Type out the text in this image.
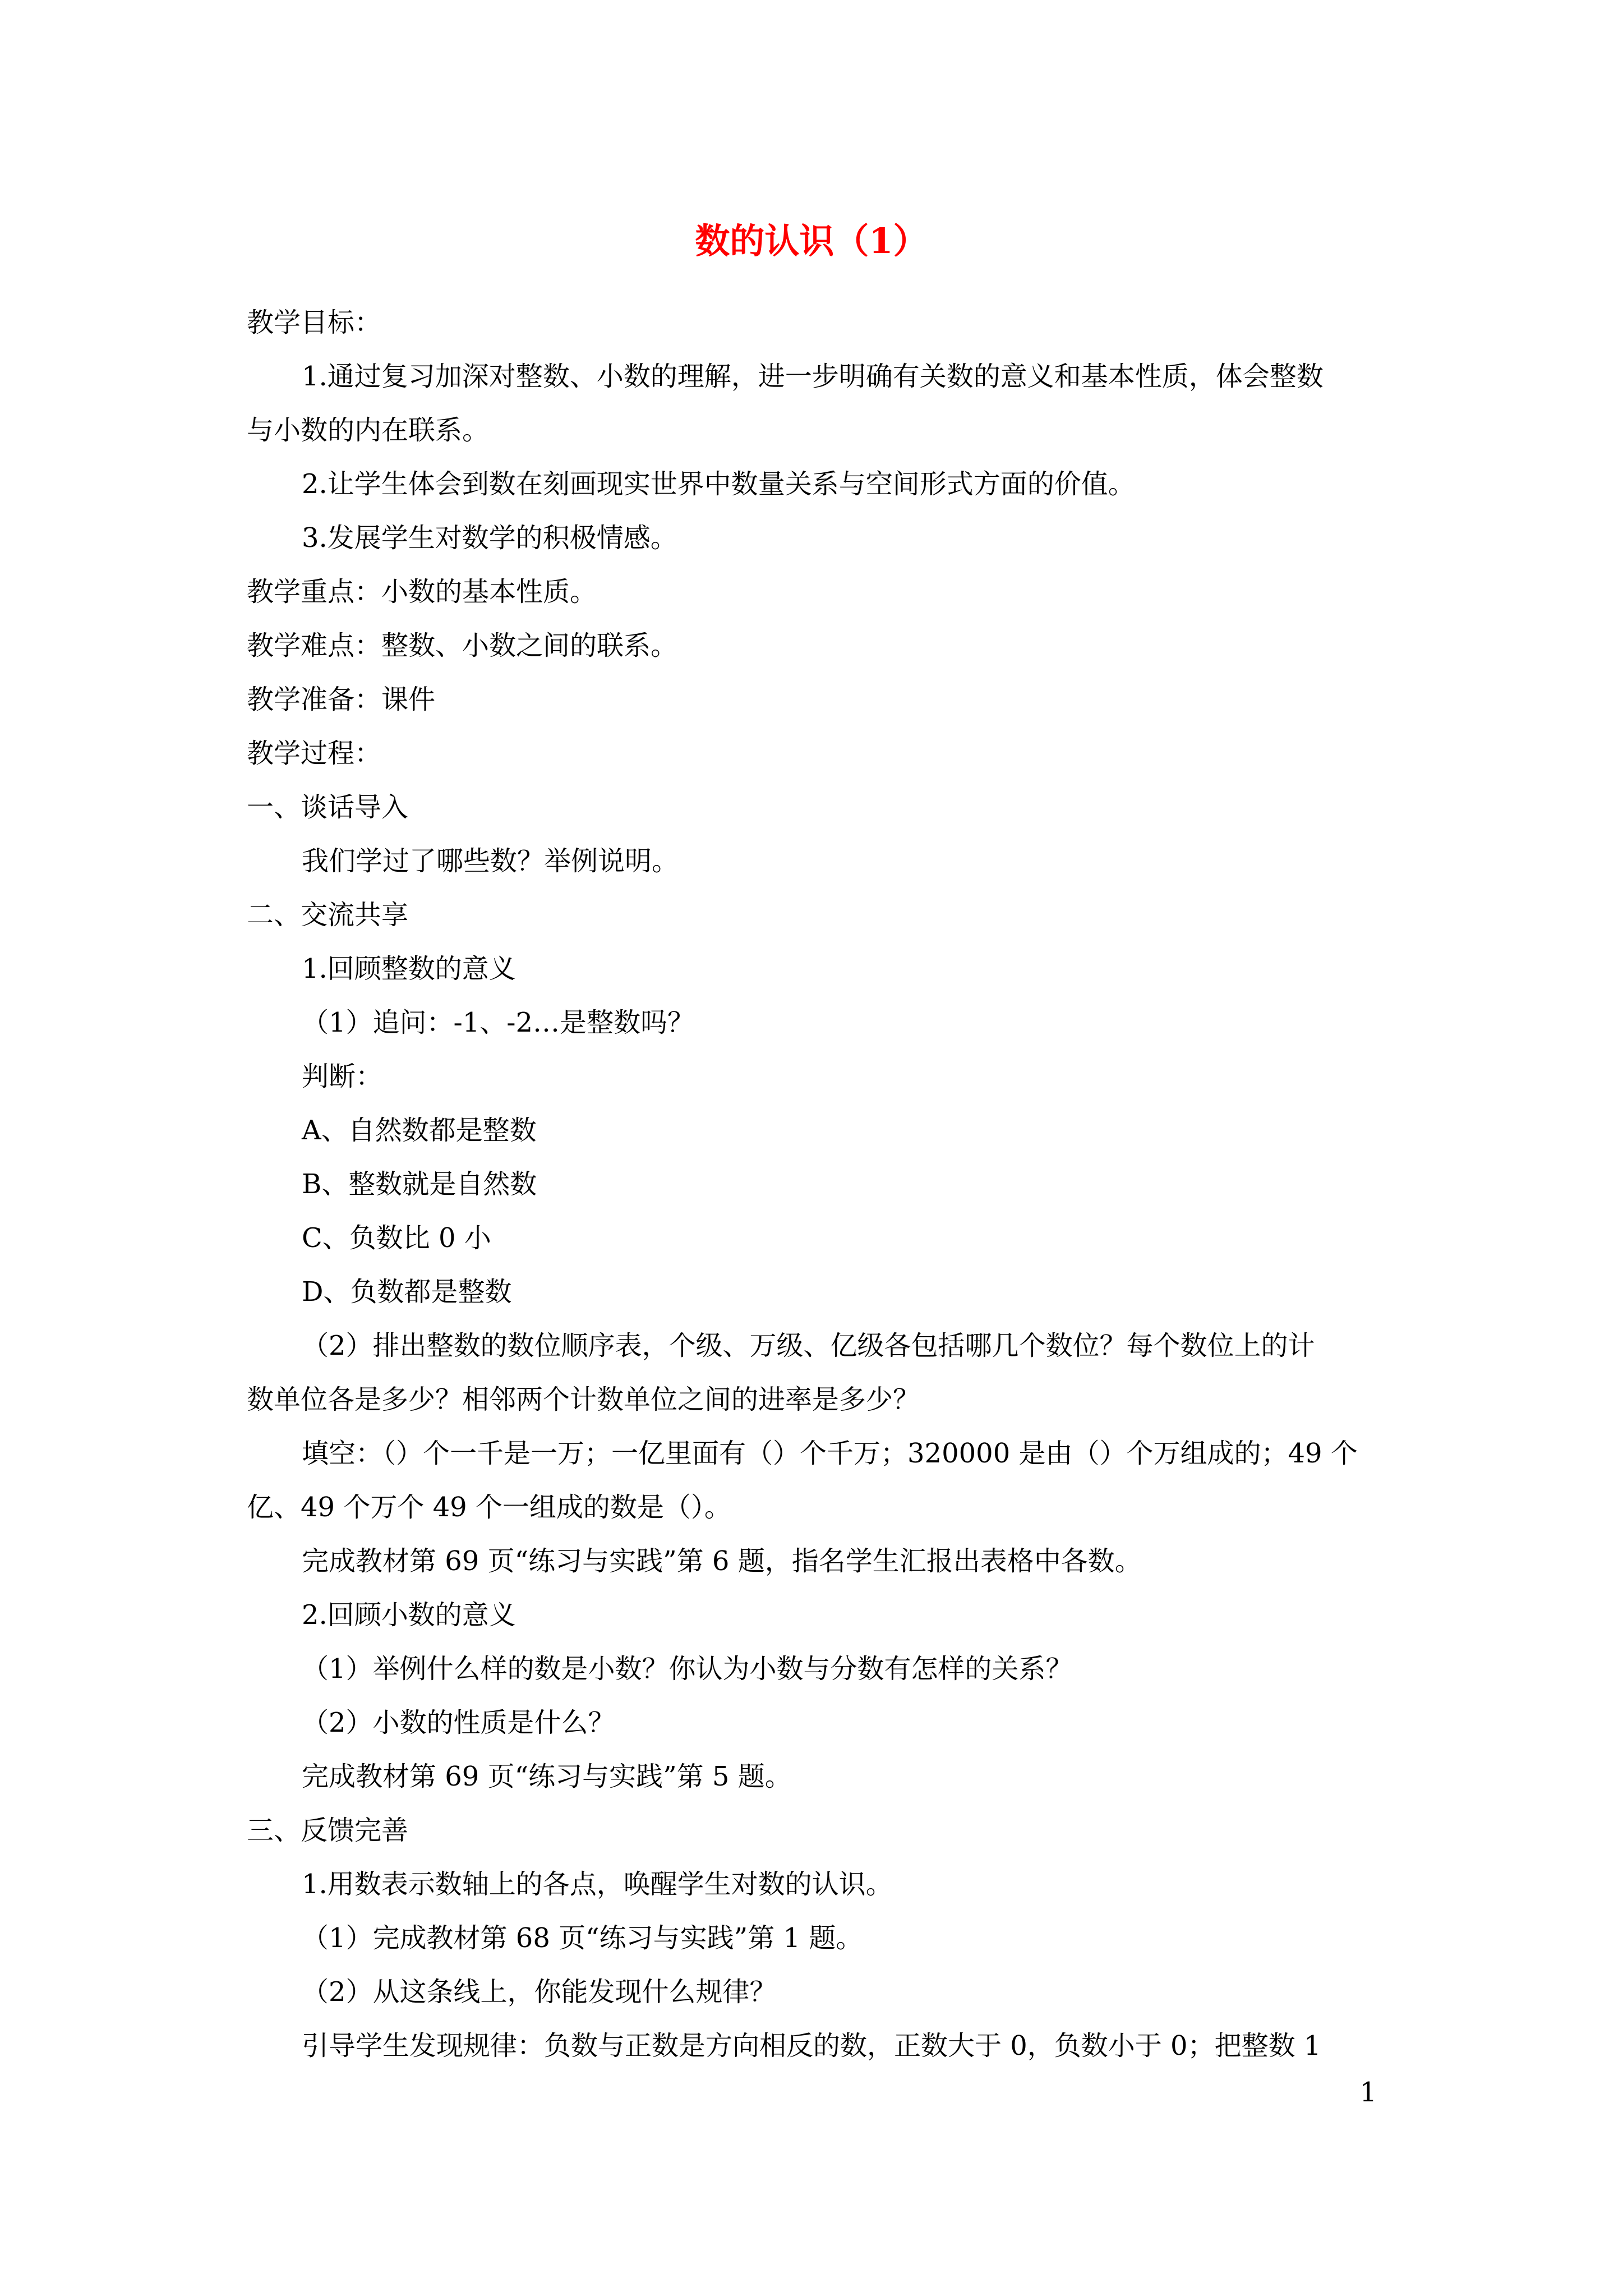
数的认识（1）
教学目标：
1.通过复习加深对整数、小数的理解，进一步明确有关数的意义和基本性质，体会整数
与小数的内在联系。
2.让学生体会到数在刻画现实世界中数量关系与空间形式方面的价值。
3.发展学生对数学的积极情感。
教学重点：小数的基本性质。
教学难点：整数、小数之间的联系。
教学准备：课件
教学过程：
一、谈话导入
我们学过了哪些数？举例说明。
二、交流共享
1.回顾整数的意义
（1）追问：-1、-2…是整数吗？
判断：
A、自然数都是整数
B、整数就是自然数
C、负数比 0 小
D、负数都是整数
（2）排出整数的数位顺序表，个级、万级、亿级各包括哪几个数位？每个数位上的计
数单位各是多少？相邻两个计数单位之间的进率是多少？
填空：（）个一千是一万；一亿里面有（）个千万；320000 是由（）个万组成的；49 个
亿、49 个万个 49 个一组成的数是（）。
完成教材第 69 页“练习与实践”第 6 题，指名学生汇报出表格中各数。
2.回顾小数的意义
（1）举例什么样的数是小数？你认为小数与分数有怎样的关系？
（2）小数的性质是什么？
完成教材第 69 页“练习与实践”第 5 题。
三、反馈完善
1.用数表示数轴上的各点，唤醒学生对数的认识。
（1）完成教材第 68 页“练习与实践”第 1 题。
（2）从这条线上，你能发现什么规律？
引导学生发现规律：负数与正数是方向相反的数，正数大于 0，负数小于 0；把整数 1
1
